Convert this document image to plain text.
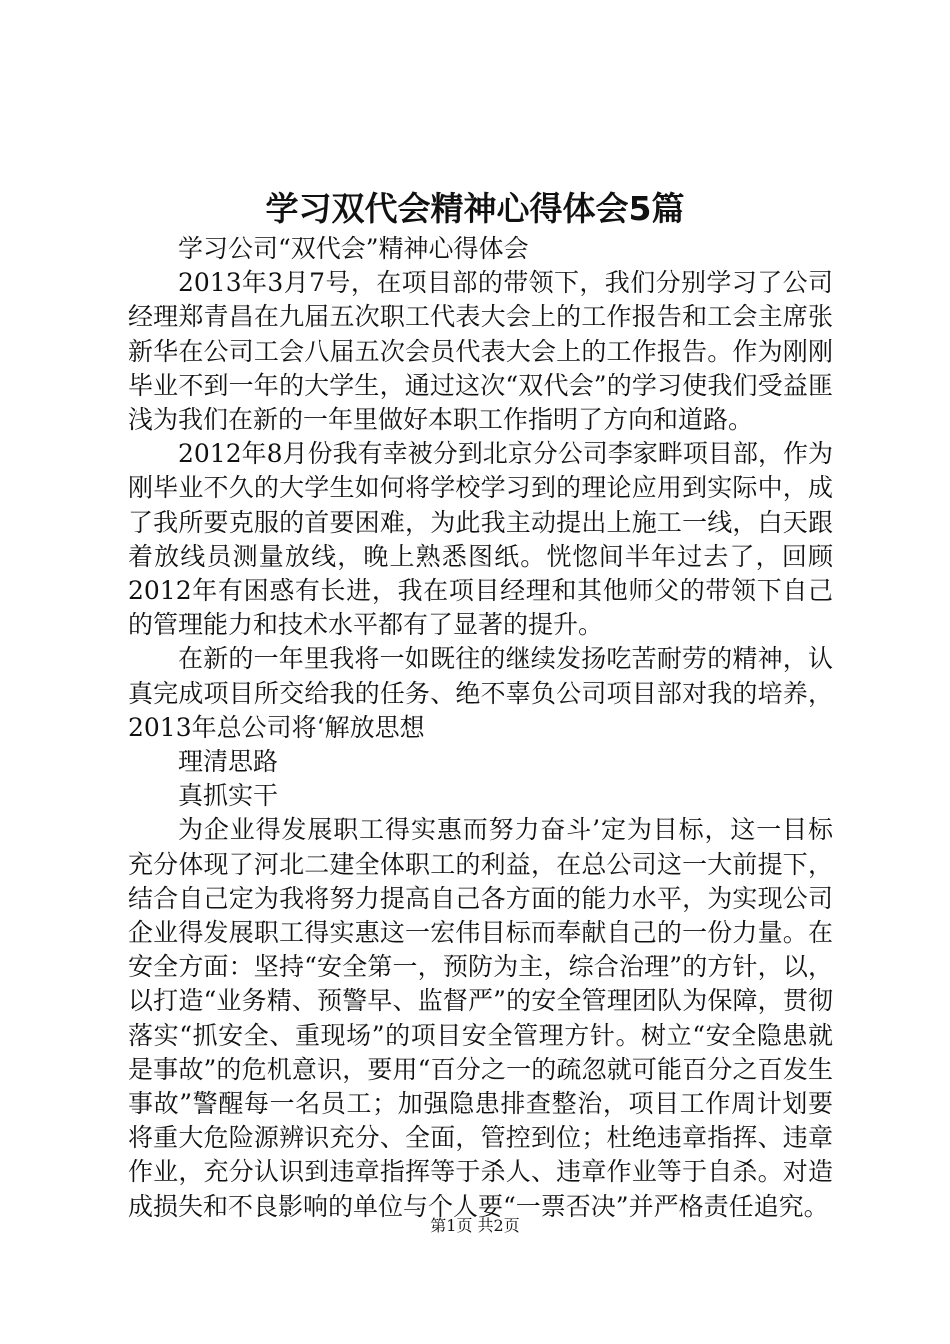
学习双代会精神心得体会5篇

学习公司“双代会”精神心得体会

2013年3月7号，在项目部的带领下，我们分别学习了公司经理郑青昌在九届五次职工代表大会上的工作报告和工会主席张新华在公司工会八届五次会员代表大会上的工作报告。作为刚刚毕业不到一年的大学生，通过这次“双代会”的学习使我们受益匪浅为我们在新的一年里做好本职工作指明了方向和道路。

2012年8月份我有幸被分到北京分公司李家畔项目部，作为刚毕业不久的大学生如何将学校学习到的理论应用到实际中，成了我所要克服的首要困难，为此我主动提出上施工一线，白天跟着放线员测量放线，晚上熟悉图纸。恍惚间半年过去了，回顾2012年有困惑有长进，我在项目经理和其他师父的带领下自己的管理能力和技术水平都有了显著的提升。

在新的一年里我将一如既往的继续发扬吃苦耐劳的精神，认真完成项目所交给我的任务、绝不辜负公司项目部对我的培养，2013年总公司将‘解放思想

理清思路

真抓实干

为企业得发展职工得实惠而努力奋斗’定为目标，这一目标充分体现了河北二建全体职工的利益，在总公司这一大前提下，结合自己定为我将努力提高自己各方面的能力水平，为实现公司企业得发展职工得实惠这一宏伟目标而奉献自己的一份力量。在安全方面：坚持“安全第一，预防为主，综合治理”的方针，以，以打造“业务精、预警早、监督严”的安全管理团队为保障，贯彻落实“抓安全、重现场”的项目安全管理方针。树立“安全隐患就是事故”的危机意识，要用“百分之一的疏忽就可能百分之百发生事故”警醒每一名员工；加强隐患排查整治，项目工作周计划要将重大危险源辨识充分、全面，管控到位；杜绝违章指挥、违章作业，充分认识到违章指挥等于杀人、违章作业等于自杀。对造成损失和不良影响的单位与个人要“一票否决”并严格责任追究。

第1页 共2页
